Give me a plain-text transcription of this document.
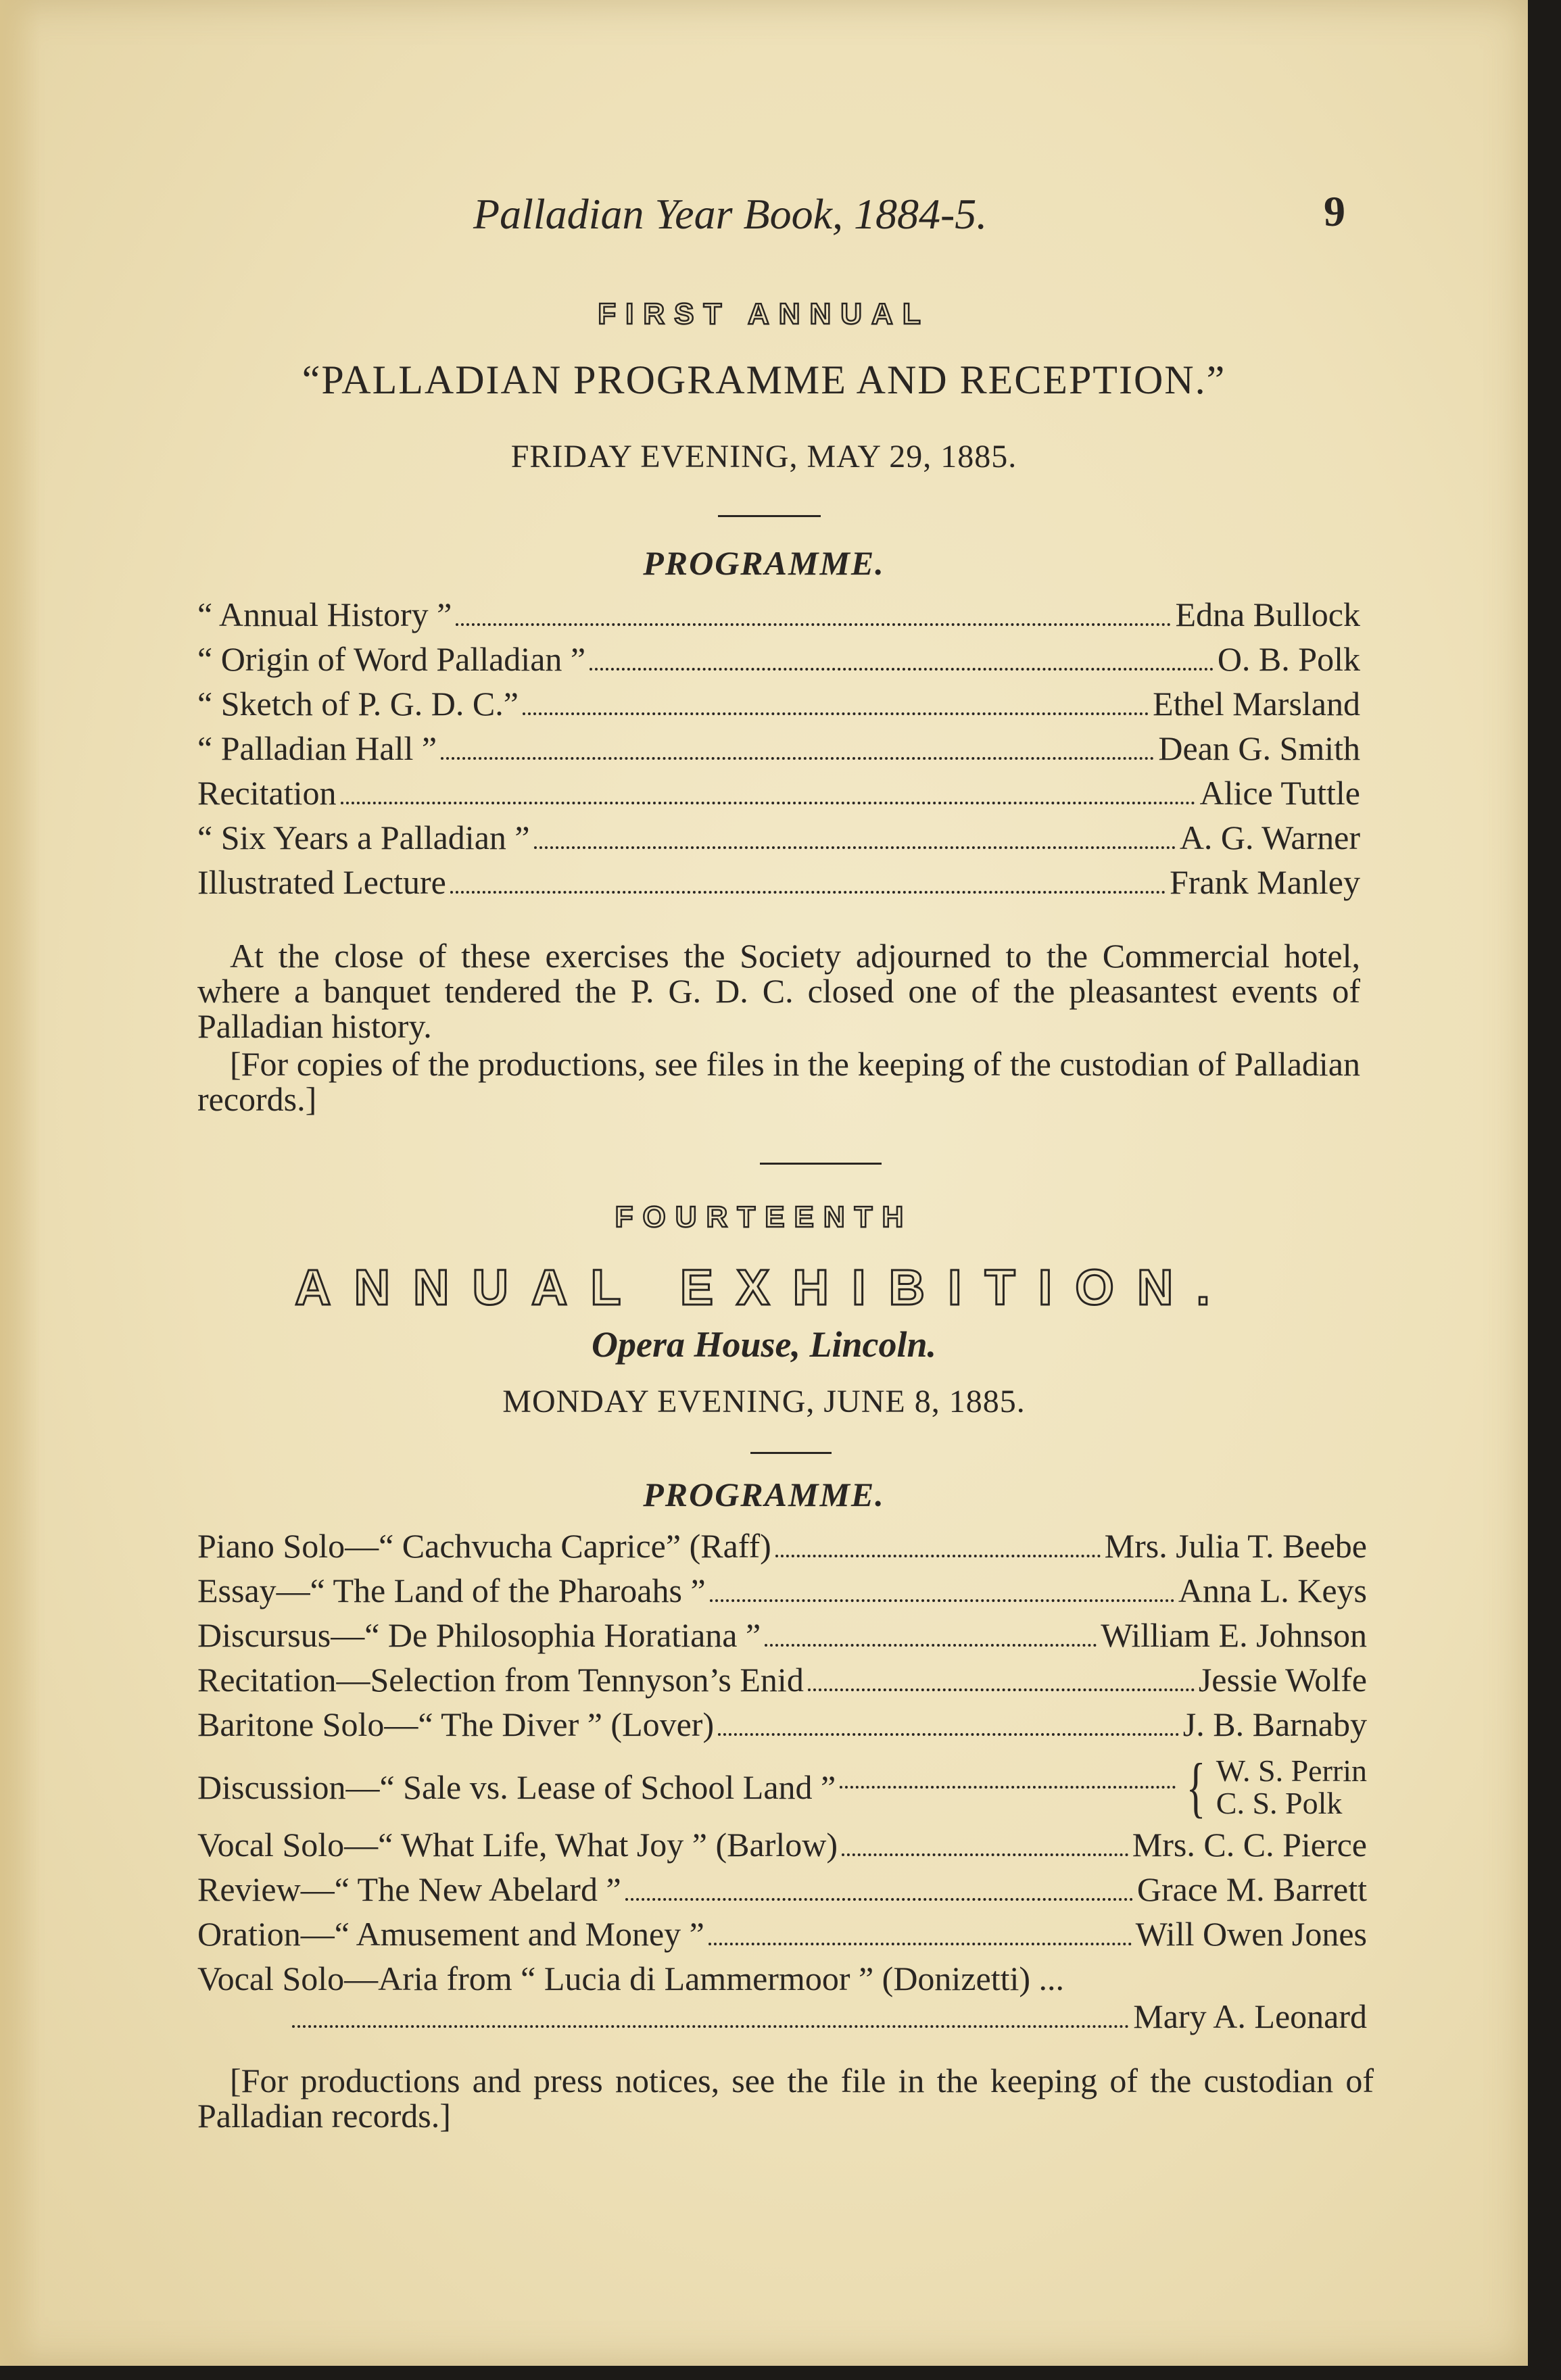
Palladian Year Book, 1884-5.	9
FIRST ANNUAL
“PALLADIAN PROGRAMME AND RECEPTION.”
FRIDAY EVENING, MAY 29, 1885.
PROGRAMME.
“ Annual History ”	Edna Bullock
“ Origin of Word Palladian ”	O. B. Polk
“ Sketch of P. G. D. C.”	Ethel Marsland
“ Palladian Hall ”	Dean G. Smith
Recitation	Alice Tuttle
“ Six Years a Palladian ”	A. G. Warner
Illustrated Lecture	Frank Manley
At the close of these exercises the Society adjourned to the Commercial hotel, where a banquet tendered the P. G. D. C. closed one of the pleasantest events of Palladian history.
[For copies of the productions, see files in the keeping of the custodian of Palladian records.]
FOURTEENTH
ANNUAL EXHIBITION.
Opera House, Lincoln.
MONDAY EVENING, JUNE 8, 1885.
PROGRAMME.
Piano Solo—“ Cachvucha Caprice” (Raff)	Mrs. Julia T. Beebe
Essay—“ The Land of the Pharoahs ”	Anna L. Keys
Discursus—“ De Philosophia Horatiana ”	William E. Johnson
Recitation—Selection from Tennyson’s Enid	Jessie Wolfe
Baritone Solo—“ The Diver ” (Lover)	J. B. Barnaby
Discussion—“ Sale vs. Lease of School Land ”	{ W. S. Perrin
C. S. Polk
Vocal Solo—“ What Life, What Joy ” (Barlow)	Mrs. C. C. Pierce
Review—“ The New Abelard ”	Grace M. Barrett
Oration—“ Amusement and Money ”	Will Owen Jones
Vocal Solo—Aria from “ Lucia di Lammermoor ” (Donizetti) ...
Mary A. Leonard
[For productions and press notices, see the file in the keeping of the custodian of Palladian records.]
